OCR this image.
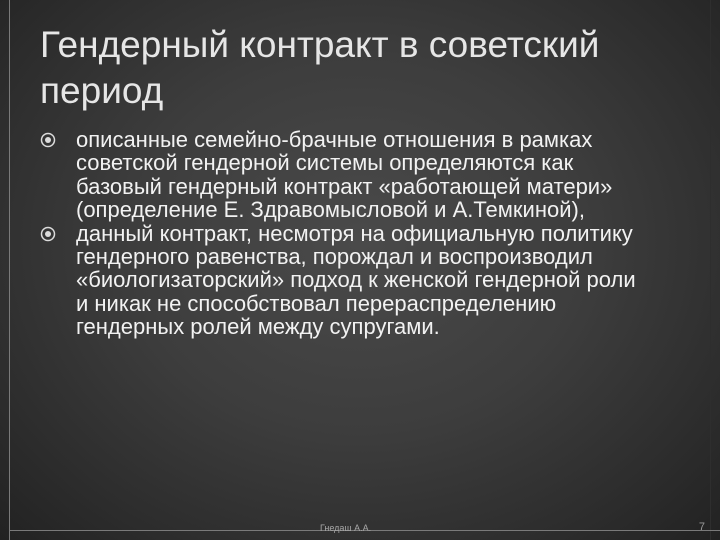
Гендерный контракт в советский период
описанные семейно-брачные отношения в рамках советской гендерной системы определяются как базовый гендерный контракт «работающей матери» (определение Е. Здравомысловой и А.Темкиной),
данный контракт, несмотря на официальную политику гендерного равенства, порождал и воспроизводил «биологизаторский» подход к женской гендерной роли и никак не способствовал перераспределению гендерных ролей между супругами.
Гнедаш А.А.	7
